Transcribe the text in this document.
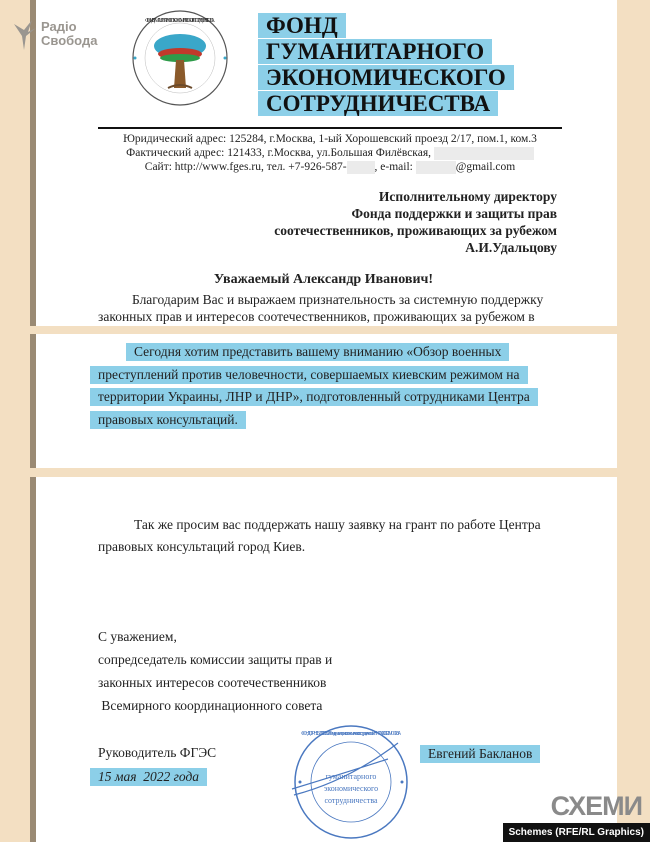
ФОНД ГУМАНИТАРНОГО ЭКОНОМИЧЕСКОГО СОТРУДНИЧЕСТВА	ФОНД
ГУМАНИТАРНОГО
ЭКОНОМИЧЕСКОГО
СОТРУДНИЧЕСТВА
Юридический адрес: 125284, г.Москва, 1-ый Хорошевский проезд 2/17, пом.1, ком.3
Фактический адрес: 121433, г.Москва, ул.Большая Филёвская,
Сайт: http://www.fges.ru, тел. +7-926-587- , e-mail:	@gmail.com
Исполнительному директору
Фонда поддержки и защиты прав
соотечественников, проживающих за рубежом
А.И.Удальцову
Уважаемый Александр Иванович!
Благодарим Вас и выражаем признательность за системную поддержку
законных прав и интересов соотечественников, проживающих за рубежом в
Сегодня хотим представить вашему вниманию «Обзор военных
преступлений против человечности, совершаемых киевским режимом на
территории Украины, ЛНР и ДНР», подготовленный сотрудниками Центра
правовых консультаций.
Так же просим вас поддержать нашу заявку на грант по работе Центра
правовых консультаций город Киев.
С уважением,
сопредседатель комиссии защиты прав и
законных интересов соотечественников
Всемирного координационного совета
Руководитель ФГЭС
15 мая  2022 года	гуманитарного
экономического
сотрудничества
ФОНД ОГРН 1157700018629 Фонд гуманитарного экономического сотрудничества ИНН 7714363122 МОСКВА
Евгений Бакланов
Радіо
Свобода
СХЕМИ
Schemes (RFE/RL Graphics)
